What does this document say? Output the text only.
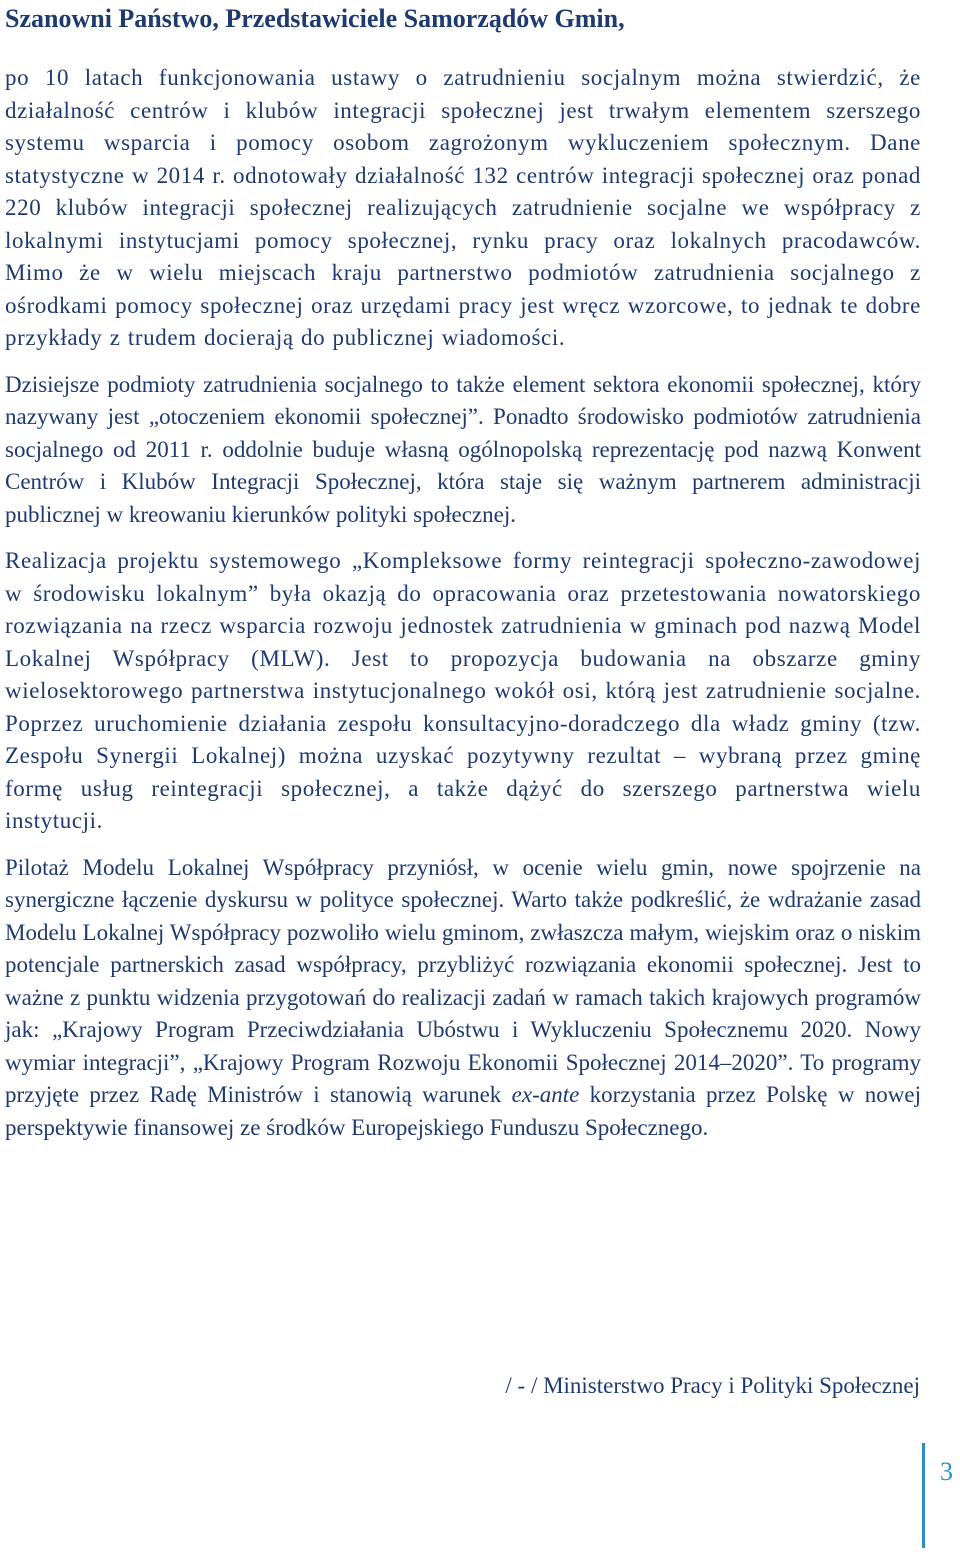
Szanowni Państwo, Przedstawiciele Samorządów Gmin,

po 10 latach funkcjonowania ustawy o zatrudnieniu socjalnym można stwierdzić, że działalność centrów i klubów integracji społecznej jest trwałym elementem szerszego systemu wsparcia i pomocy osobom zagrożonym wykluczeniem społecznym. Dane statystyczne w 2014 r. odnotowały działalność 132 centrów integracji społecznej oraz ponad 220 klubów integracji społecznej realizujących zatrudnienie socjalne we współpracy z lokalnymi instytucjami pomocy społecznej, rynku pracy oraz lokalnych pracodawców. Mimo że w wielu miejscach kraju partnerstwo podmiotów zatrudnienia socjalnego z ośrodkami pomocy społecznej oraz urzędami pracy jest wręcz wzorcowe, to jednak te dobre przykłady z trudem docierają do publicznej wiadomości.

Dzisiejsze podmioty zatrudnienia socjalnego to także element sektora ekonomii społecznej, który nazywany jest „otoczeniem ekonomii społecznej”. Ponadto środowisko podmiotów zatrudnienia socjalnego od 2011 r. oddolnie buduje własną ogólnopolską reprezentację pod nazwą Konwent Centrów i Klubów Integracji Społecznej, która staje się ważnym partnerem administracji publicznej w kreowaniu kierunków polityki społecznej.

Realizacja projektu systemowego „Kompleksowe formy reintegracji społeczno-zawodowej w środowisku lokalnym” była okazją do opracowania oraz przetestowania nowatorskiego rozwiązania na rzecz wsparcia rozwoju jednostek zatrudnienia w gminach pod nazwą Model Lokalnej Współpracy (MLW). Jest to propozycja budowania na obszarze gminy wielosektorowego partnerstwa instytucjonalnego wokół osi, którą jest zatrudnienie socjalne. Poprzez uruchomienie działania zespołu konsultacyjno-doradczego dla władz gminy (tzw. Zespołu Synergii Lokalnej) można uzyskać pozytywny rezultat – wybraną przez gminę formę usług reintegracji społecznej, a także dążyć do szerszego partnerstwa wielu instytucji.

Pilotaż Modelu Lokalnej Współpracy przyniósł, w ocenie wielu gmin, nowe spojrzenie na synergiczne łączenie dyskursu w polityce społecznej. Warto także podkreślić, że wdrażanie zasad Modelu Lokalnej Współpracy pozwoliło wielu gminom, zwłaszcza małym, wiejskim oraz o niskim potencjale partnerskich zasad współpracy, przybliżyć rozwiązania ekonomii społecznej. Jest to ważne z punktu widzenia przygotowań do realizacji zadań w ramach takich krajowych programów jak: „Krajowy Program Przeciwdziałania Ubóstwu i Wykluczeniu Społecznemu 2020. Nowy wymiar integracji”, „Krajowy Program Rozwoju Ekonomii Społecznej 2014–2020”. To programy przyjęte przez Radę Ministrów i stanowią warunek ex-ante korzystania przez Polskę w nowej perspektywie finansowej ze środków Europejskiego Funduszu Społecznego.

/ - / Ministerstwo Pracy i Polityki Społecznej

3
